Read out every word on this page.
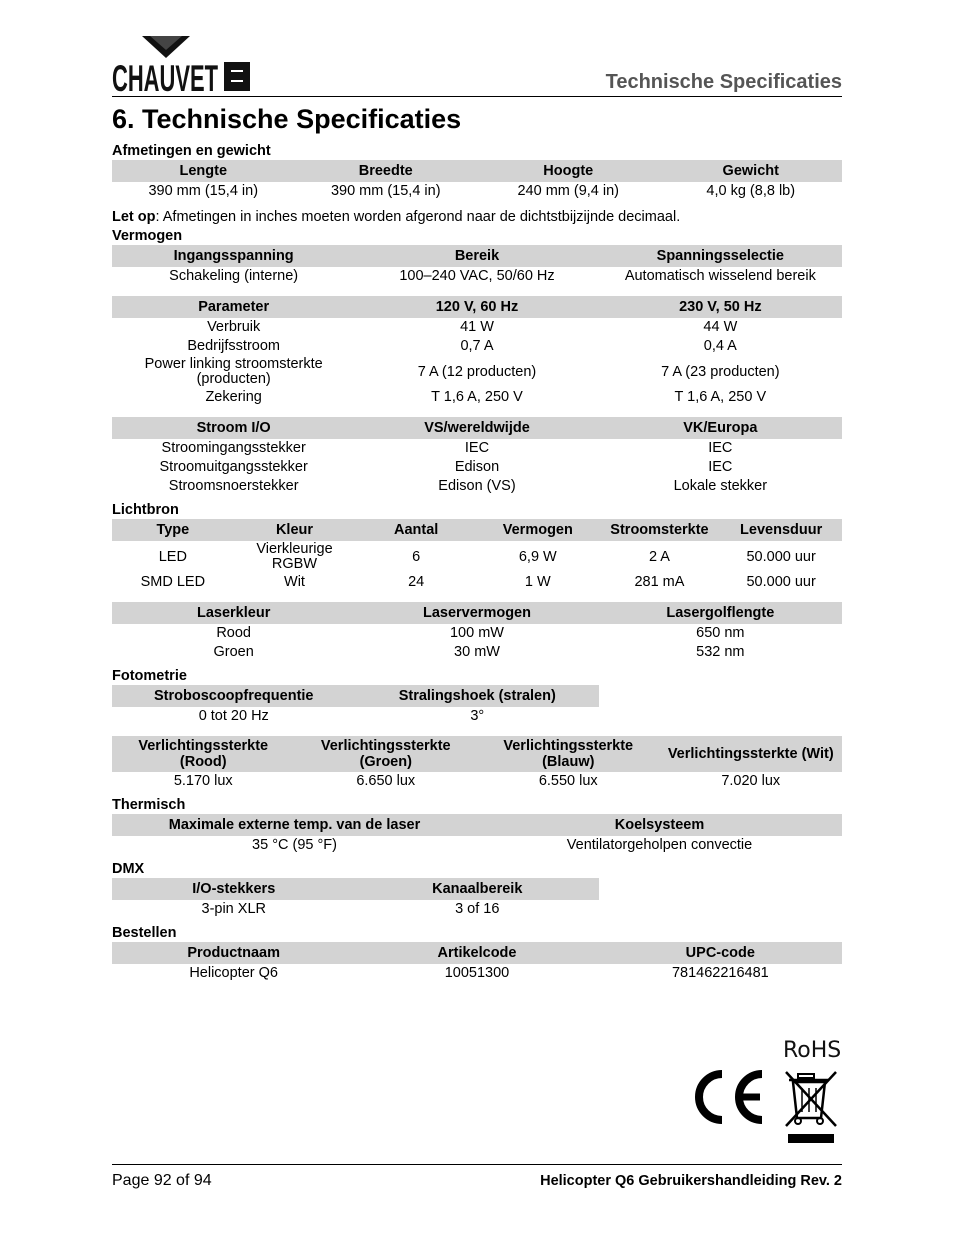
CHAUVET	Technische Specificaties
6. Technische Specificaties
Afmetingen en gewicht
Lengte	Breedte	Hoogte	Gewicht
390 mm (15,4 in)	390 mm (15,4 in)	240 mm (9,4 in)	4,0 kg (8,8 lb)
Let op: Afmetingen in inches moeten worden afgerond naar de dichtstbijzijnde decimaal.
Vermogen
Ingangsspanning	Bereik	Spanningsselectie
Schakeling (interne)	100–240 VAC, 50/60 Hz	Automatisch wisselend bereik
Parameter	120 V, 60 Hz	230 V, 50 Hz
Verbruik	41 W	44 W
Bedrijfsstroom	0,7 A	0,4 A
Power linking stroomsterkte (producten)	7 A (12 producten)	7 A (23 producten)
Zekering	T 1,6 A, 250 V	T 1,6 A, 250 V
Stroom I/O	VS/wereldwijde	VK/Europa
Stroomingangsstekker	IEC	IEC
Stroomuitgangsstekker	Edison	IEC
Stroomsnoerstekker	Edison (VS)	Lokale stekker
Lichtbron
Type	Kleur	Aantal	Vermogen	Stroomsterkte	Levensduur
LED	Vierkleurige RGBW	6	6,9 W	2 A	50.000 uur
SMD LED	Wit	24	1 W	281 mA	50.000 uur
Laserkleur	Laservermogen	Lasergolflengte
Rood	100 mW	650 nm
Groen	30 mW	532 nm
Fotometrie
Stroboscoopfrequentie	Stralingshoek (stralen)
0 tot 20 Hz	3°
Verlichtingssterkte (Rood)	Verlichtingssterkte (Groen)	Verlichtingssterkte (Blauw)	Verlichtingssterkte (Wit)
5.170 lux	6.650 lux	6.550 lux	7.020 lux
Thermisch
Maximale externe temp. van de laser	Koelsysteem
35 °C (95 °F)	Ventilatorgeholpen convectie
DMX
I/O-stekkers	Kanaalbereik
3-pin XLR	3 of 16
Bestellen
Productnaam	Artikelcode	UPC-code
Helicopter Q6	10051300	781462216481
RoHS
Page 92 of 94	Helicopter Q6 Gebruikershandleiding Rev. 2
